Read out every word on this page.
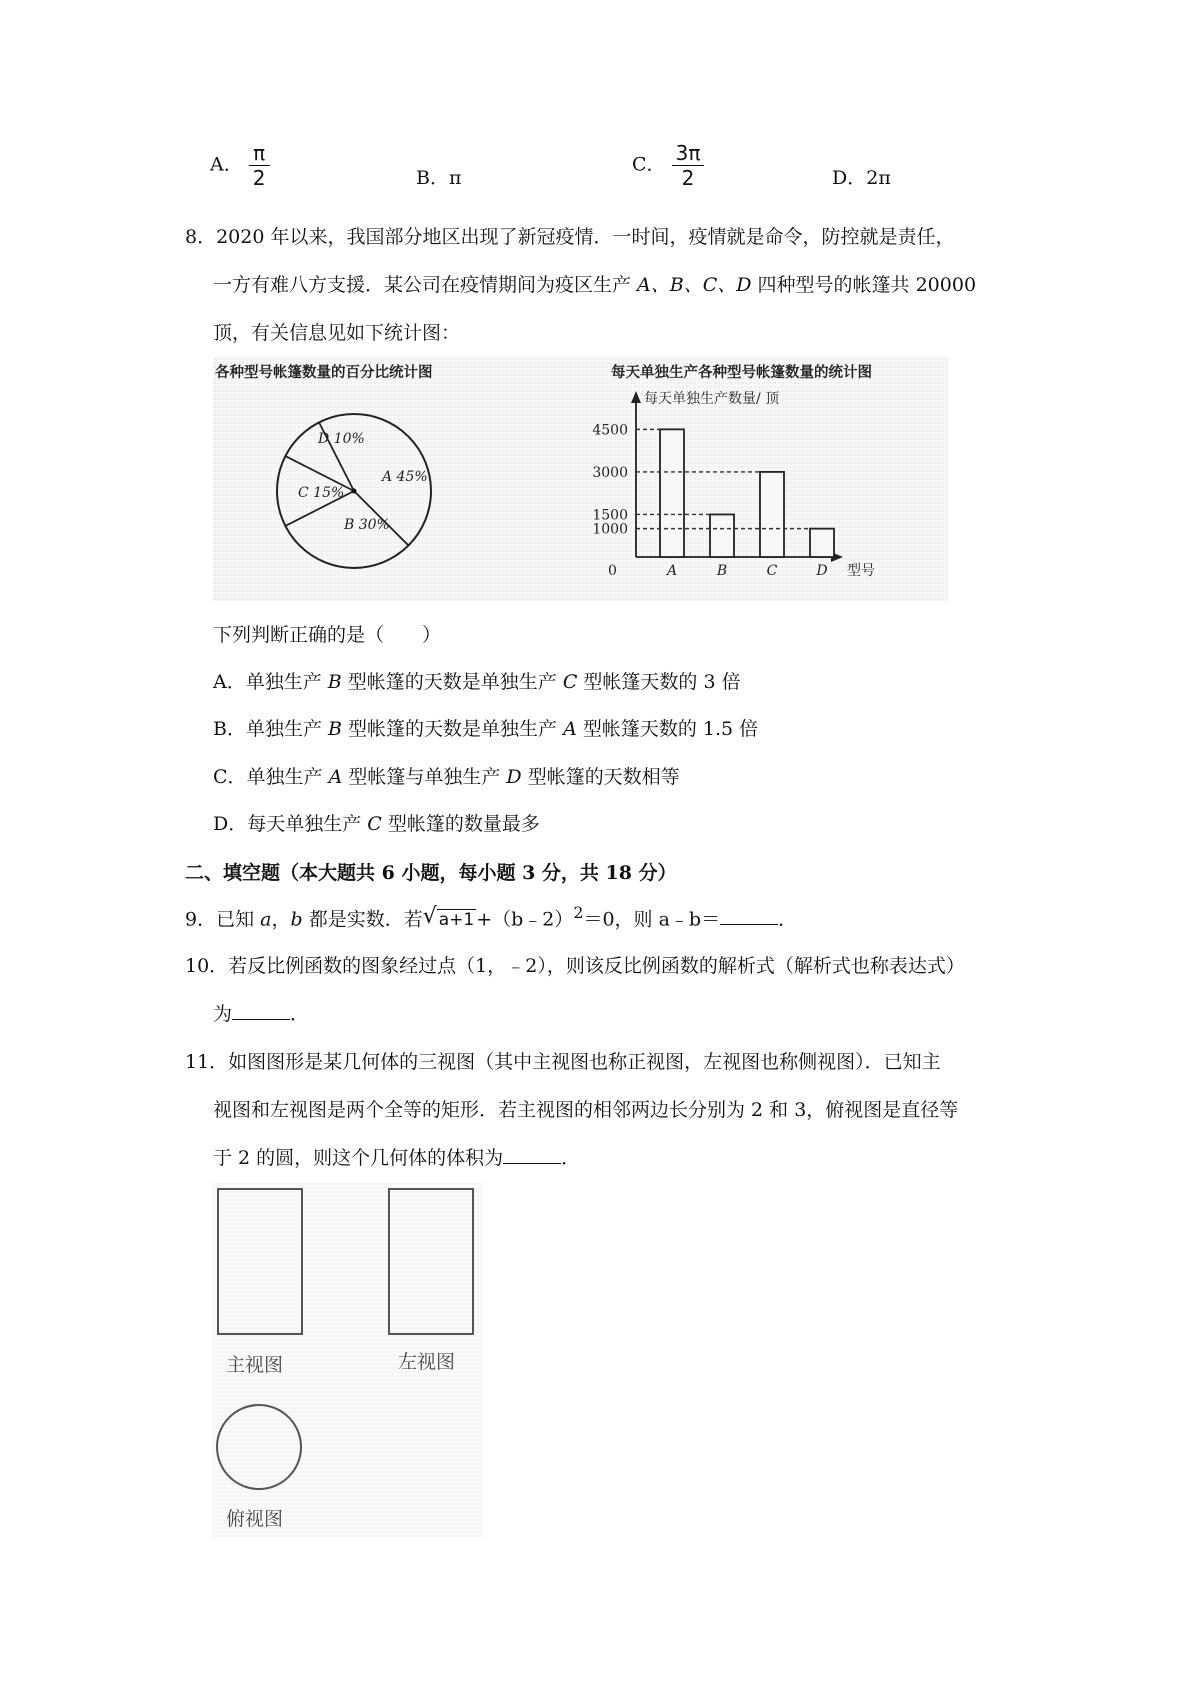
A． $\frac{\pi}{2}$	B．π
C． $\frac{3\pi}{2}$	D．2π
8．2020 年以来，我国部分地区出现了新冠疫情．一时间，疫情就是命令，防控就是责任，
一方有难八方支援．某公司在疫情期间为疫区生产 A、B、C、D 四种型号的帐篷共 20000
顶，有关信息见如下统计图：
各种型号帐篷数量的百分比统计图
A 45%
B 30%
C 15%
D 10%
每天单独生产各种型号帐篷数量的统计图
每天单独生产数量/ 顶
型号
0
4500
3000
1500
1000
A	B	C	D
下列判断正确的是（　　）
A．单独生产 B 型帐篷的天数是单独生产 C 型帐篷天数的 3 倍
B．单独生产 B 型帐篷的天数是单独生产 A 型帐篷天数的 1.5 倍
C．单独生产 A 型帐篷与单独生产 D 型帐篷的天数相等
D．每天单独生产 C 型帐篷的数量最多
二、填空题（本大题共 6 小题，每小题 3 分，共 18 分）
9．已知 a，b 都是实数．若 √ a+1 +（b﹣2）$^2$＝0，则 a﹣b＝	．
10．若反比例函数的图象经过点（1，﹣2），则该反比例函数的解析式（解析式也称表达式）
为	．
11．如图图形是某几何体的三视图（其中主视图也称正视图，左视图也称侧视图）．已知主
视图和左视图是两个全等的矩形．若主视图的相邻两边长分别为 2 和 3，俯视图是直径等
于 2 的圆，则这个几何体的体积为	．
主视图	左视图
俯视图
